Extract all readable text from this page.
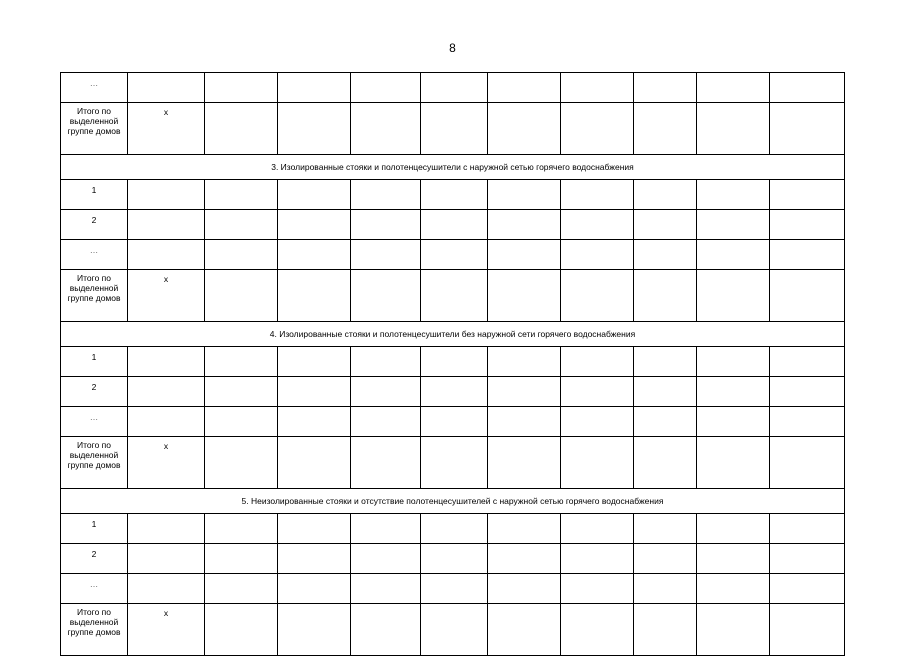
8
…										
Итого по выделенной группе домов	х									
3. Изолированные стояки и полотенцесушители с наружной сетью горячего водоснабжения										
1										
2										
…										
Итого по выделенной группе домов	х									
4. Изолированные стояки и полотенцесушители без наружной сети горячего водоснабжения										
1										
2										
…										
Итого по выделенной группе домов	х									
5. Неизолированные стояки и отсутствие полотенцесушителей с наружной сетью горячего водоснабжения										
1										
2										
…										
Итого по выделенной группе домов	х									
